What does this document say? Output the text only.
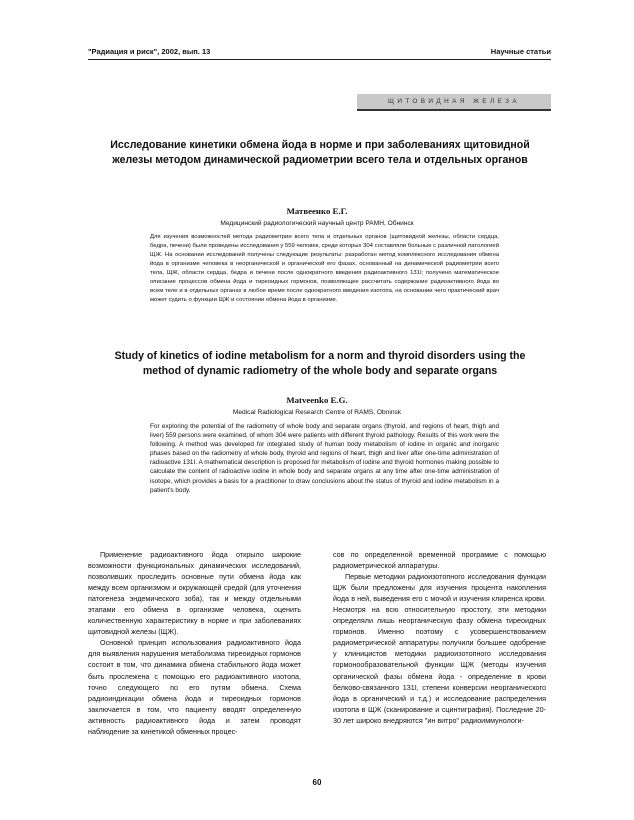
"Радиация и риск", 2002, вып. 13	Научные статьи
ЩИТОВИДНАЯ ЖЕЛЕЗА
Исследование кинетики обмена йода в норме и при заболеваниях щитовидной железы методом динамической радиометрии всего тела и отдельных органов
Матвеенко Е.Г.
Медицинский радиологический научный центр РАМН, Обнинск

Для изучения возможностей метода радиометрии всего тела и отдельных органов (щитовидной железы, области сердца, бедра, печени) были проведены исследования у 559 человек, среди которых 304 составляли больные с различной патологией ЩЖ. На основании исследований получены следующие результаты: разработан метод комплексного исследования обмена йода в организме человека в неорганической и органической его фазах, основанный на динамической радиометрии всего тела, ЩЖ, области сердца, бедра и печени после однократного введения радиоактивного 131I; получено математическое описание процессов обмена йода и тиреоидных гормонов, позволяющее рассчитать содержание радиоактивного йода во всем теле и в отдельных органах в любое время после однократного введения изотопа, на основании чего практический врач может судить о функции ЩЖ и состоянии обмена йода в организме.

Study of kinetics of iodine metabolism for a norm and thyroid disorders using the method of dynamic radiometry of the whole body and separate organs
Matveenko E.G.
Medical Radiological Research Centre of RAMS, Obninsk

For exploring the potential of the radiometry of whole body and separate organs (thyroid, and regions of heart, thigh and liver) 559 persons were examined, of whom 304 were patients with different thyroid pathology. Results of this work were the following. A method was developed for integrated study of human body metabolism of iodine in organic and inorganic phases based on the radiometry of whole body, thyroid and regions of heart, thigh and liver after one-time administration of radioactive 131I. A mathematical description is proposed for metabolism of iodine and thyroid hormones making possible to calculate the content of radioactive iodine in whole body and separate organs at any time after one-time administration of isotope, which provides a basis for a practitioner to draw conclusions about the status of thyroid and iodine metabolism in a patient's body.

Применение радиоактивного йода открыло широкие возможности функциональных динамических исследований, позволивших проследить основные пути обмена йода как между всем организмом и окружающей средой (для уточнения патогенеза эндемического зоба), так и между отдельными этапами его обмена в организме человека, оценить количественную характеристику в норме и при заболеваниях щитовидной железы (ЩЖ).

Основной принцип использования радиоактивного йода для выявления нарушения метаболизма тиреоидных гормонов состоит в том, что динамика обмена стабильного йода может быть прослежена с помощью его радиоактивного изотопа, точно следующего по его путям обмена. Схема радиоиндикации обмена йода и тиреоидных гормонов заключается в том, что пациенту вводят определенную активность радиоактивного йода и затем проводят наблюдение за кинетикой обменных процес-

сов по определенной временной программе с помощью радиометрической аппаратуры.

Первые методики радиоизотопного исследования функции ЩЖ были предложены для изучения процента накопления йода в ней, выведения его с мочой и изучения клиренса крови. Несмотря на всю относительную простоту, эти методики определяли лишь неорганическую фазу обмена тиреоидных гормонов. Именно поэтому с усовершенствованием радиометрической аппаратуры получили большее одобрение у клиницистов методики радиоизотопного исследования гормонообразовательной функции ЩЖ (методы изучения органической фазы обмена йода - определение в крови белково-связанного 131I, степени конверсии неорганического йода в органический и т.д.) и исследование распределения изотопа в ЩЖ (сканирование и сцинтиграфия). Последние 20-30 лет широко внедряются "ин витро" радиоиммунологи-

60
